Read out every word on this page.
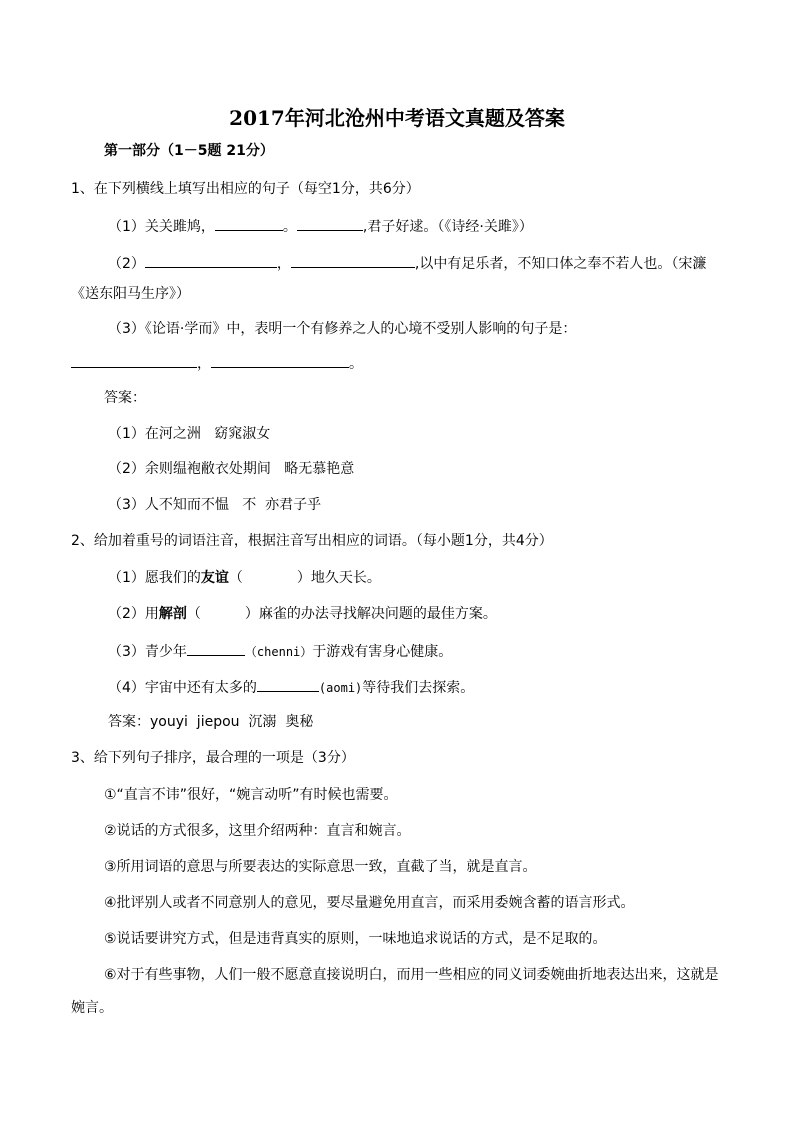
2017年河北沧州中考语文真题及答案
第一部分（1－5题 21分）
1、在下列横线上填写出相应的句子（每空1分，共6分）
（1）关关雎鸠，	。	,君子好逑。（《诗经·关雎》）
（2）	，	,以中有足乐者，不知口体之奉不若人也。（宋濂
《送东阳马生序》）
（3）《论语·学而》中，表明一个有修养之人的心境不受别人影响的句子是：
，	。
答案：
（1）在河之洲   窈窕淑女
（2）余则缊袍敝衣处期间   略无慕艳意
（3）人不知而不愠   不  亦君子乎
2、给加着重号的词语注音，根据注音写出相应的词语。（每小题1分，共4分）
（1）愿我们的友谊（	）地久天长。
（2）用解剖（	）麻雀的办法寻找解决问题的最佳方案。
（3）青少年	（chenni）于游戏有害身心健康。
（4）宇宙中还有太多的	(aomi)等待我们去探索。
答案：youyi  jiepou  沉溺  奥秘
3、给下列句子排序，最合理的一项是（3分）
①“直言不讳”很好，“婉言动听”有时候也需要。
②说话的方式很多，这里介绍两种：直言和婉言。
③所用词语的意思与所要表达的实际意思一致，直截了当，就是直言。
④批评别人或者不同意别人的意见，要尽量避免用直言，而采用委婉含蓄的语言形式。
⑤说话要讲究方式，但是违背真实的原则，一味地追求说话的方式，是不足取的。
⑥对于有些事物，人们一般不愿意直接说明白，而用一些相应的同义词委婉曲折地表达出来，这就是
婉言。
